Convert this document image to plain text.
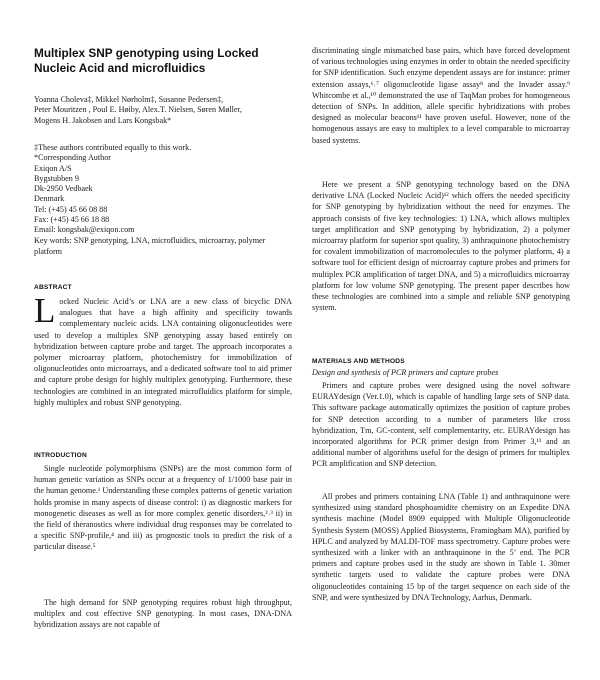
Multiplex SNP genotyping using Locked Nucleic Acid and microfluidics
Yoanna Choleva‡, Mikkel Nørholm‡, Susanne Pedersen‡,
Peter Mouritzen , Poul E. Høiby, Alex.T. Nielsen, Søren Møller,
Mogens H. Jakobsen and Lars Kongsbak*
‡These authors contributed equally to this work.
*Corresponding Author
Exiqon A/S
Bygstubben 9
Dk-2950 Vedbaek
Denmark
Tel: (+45) 45 66 08 88
Fax: (+45) 45 66 18 88
Email: kongsbak@exiqon.com

Key words: SNP genotyping, LNA, microfluidics, microarray, polymer platform

ABSTRACT

Locked Nucleic Acid’s or LNA are a new class of bicyclic DNA analogues that have a high affinity and specificity towards complementary nucleic acids. LNA containing oligonucleotides were used to develop a multiplex SNP genotyping assay based entirely on hybridization between capture probe and target. The approach incorporates a polymer microarray platform, photochemistry for immobilization of oligonucleotides onto microarrays, and a dedicated software tool to aid primer and capture probe design for highly multiplex genotyping. Furthermore, these technologies are combined in an integrated microfluidics platform for simple, highly multiplex and robust SNP genotyping.

INTRODUCTION

Single nucleotide polymorphisms (SNPs) are the most common form of human genetic variation as SNPs occur at a frequency of 1/1000 base pair in the human genome.¹ Understanding these complex patterns of genetic variation holds promise in many aspects of disease control: i) as diagnostic markers for monogenetic diseases as well as for more complex genetic disorders,²˒³ ii) in the field of theranostics where individual drug responses may be correlated to a specific SNP-profile,⁴ and iii) as prognostic tools to predict the risk of a particular disease.⁵

The high demand for SNP genotyping requires robust high throughput, multiplex and cost effective SNP genotyping. In most cases, DNA-DNA hybridization assays are not capable of

discriminating single mismatched base pairs, which have forced development of various technologies using enzymes in order to obtain the needed specificity for SNP identification. Such enzyme dependent assays are for instance: primer extension assays,⁶˒⁷ oligonucleotide ligase assay⁸ and the Invader assay.⁹ Whitcombe et al.,¹⁰ demonstrated the use of TaqMan probes for homogeneous detection of SNPs. In addition, allele specific hybridizations with probes designed as molecular beacons¹¹ have proven useful. However, none of the homogenous assays are easy to multiplex to a level comparable to microarray based systems.

Here we present a SNP genotyping technology based on the DNA derivative LNA (Locked Nucleic Acid)¹² which offers the needed specificity for SNP genotyping by hybridization without the need for enzymes. The approach consists of five key technologies: 1) LNA, which allows multiplex target amplification and SNP genotyping by hybridization, 2) a polymer microarray platform for superior spot quality, 3) anthraquinone photochemistry for covalent immobilization of macromolecules to the polymer platform, 4) a software tool for efficient design of microarray capture probes and primers for multiplex PCR amplification of target DNA, and 5) a microfluidics microarray platform for low volume SNP genotyping. The present paper describes how these technologies are combined into a simple and reliable SNP genotyping system.

MATERIALS AND METHODS
Design and synthesis of PCR primers and capture probes

Primers and capture probes were designed using the novel software EURAYdesign (Ver.1.0), which is capable of handling large sets of SNP data. This software package automatically optimizes the position of capture probes for SNP detection according to a number of parameters like cross hybridization, Tm, GC-content, self complementarity, etc. EURAYdesign has incorporated algorithms for PCR primer design from Primer 3,¹³ and an additional number of algorithms useful for the design of primers for multiplex PCR amplification and SNP detection.

All probes and primers containing LNA (Table 1) and anthraquinone were synthesized using standard phosphoamidite chemistry on an Expedite DNA synthesis machine (Model 8909 equipped with Multiple Oligonucleotide Synthesis System (MOSS) Applied Biosystems, Framingham MA), purified by HPLC and analyzed by MALDI-TOF mass spectrometry. Capture probes were synthesized with a linker with an anthraquinone in the 5’ end. The PCR primers and capture probes used in the study are shown in Table 1. 30mer synthetic targets used to validate the capture probes were DNA oligonucleotides containing 15 bp of the target sequence on each side of the SNP, and were synthesized by DNA Technology, Aarhus, Denmark.
